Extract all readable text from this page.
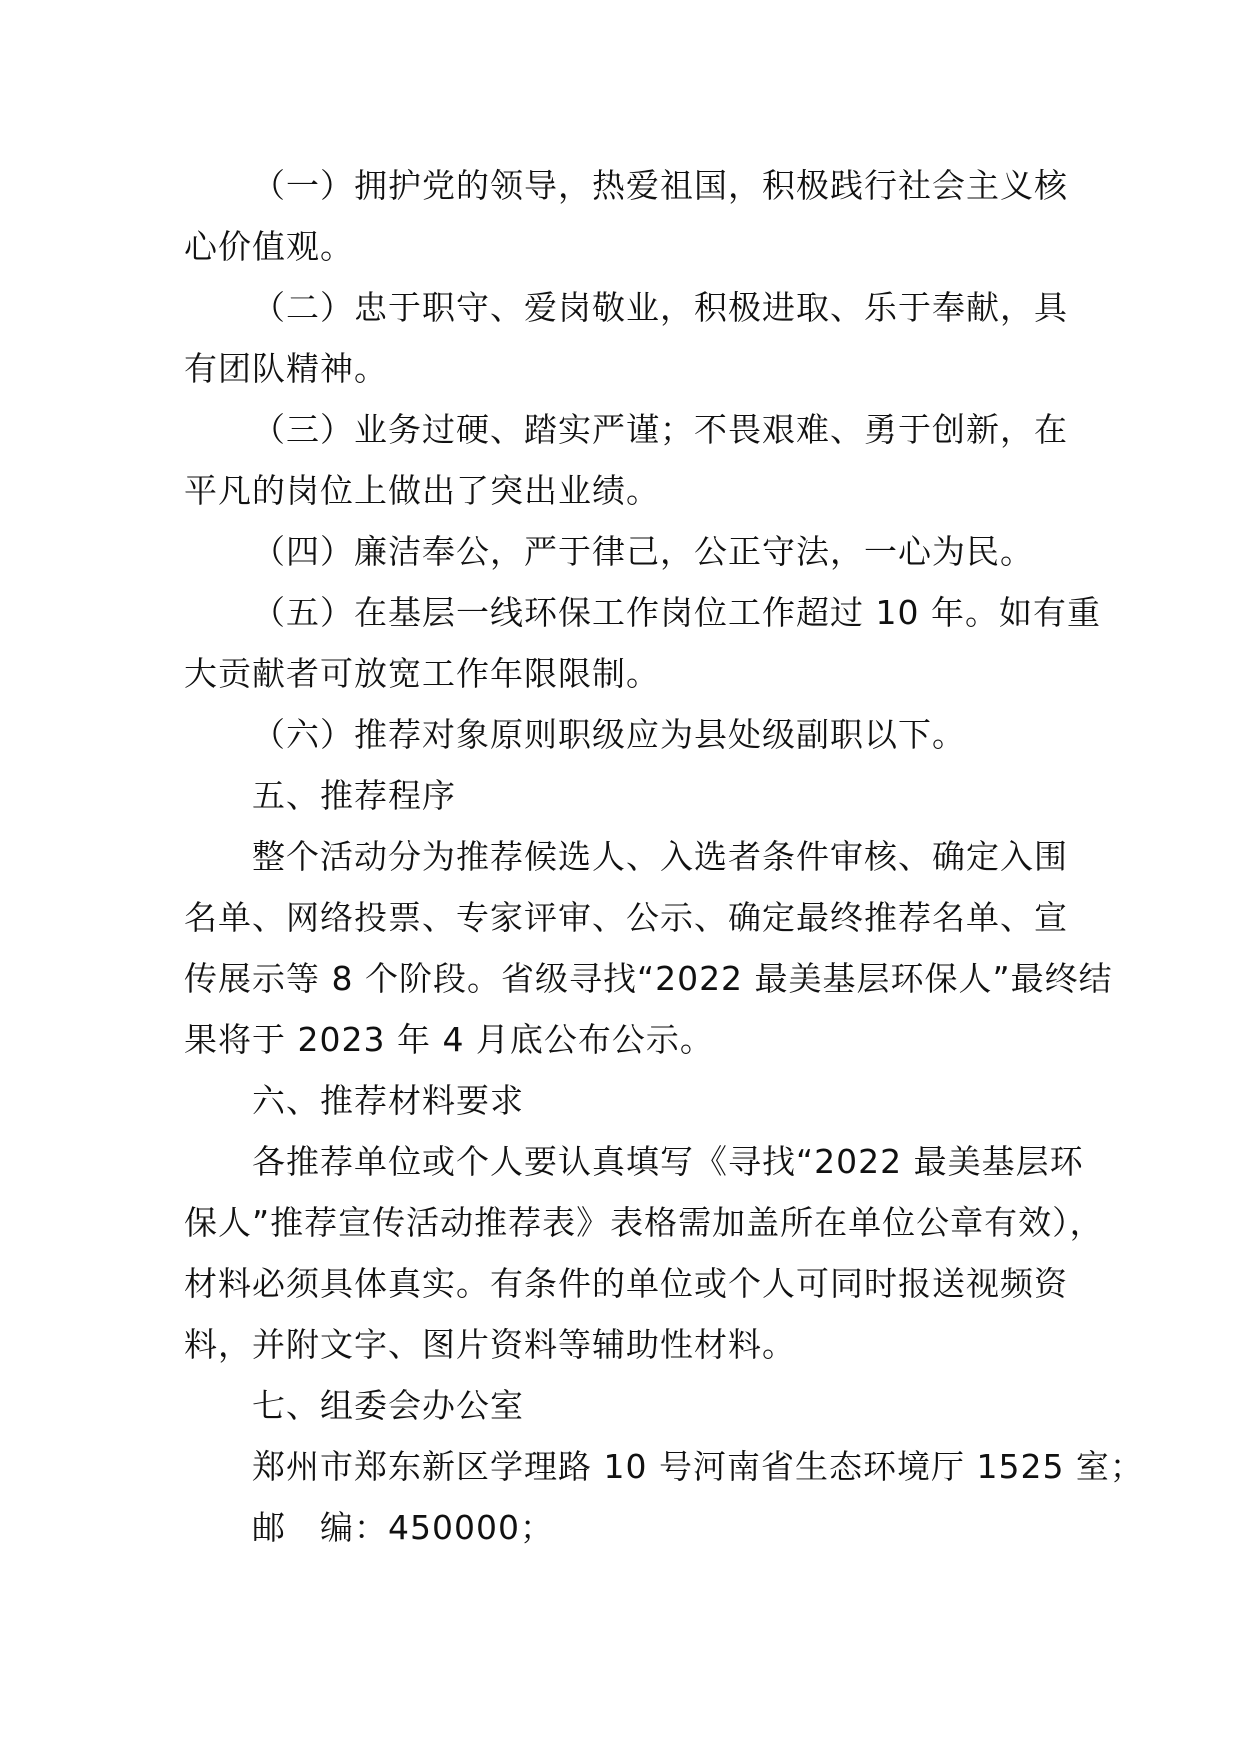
（一）拥护党的领导，热爱祖国，积极践行社会主义核
心价值观。
（二）忠于职守、爱岗敬业，积极进取、乐于奉献，具
有团队精神。
（三）业务过硬、踏实严谨；不畏艰难、勇于创新，在
平凡的岗位上做出了突出业绩。
（四）廉洁奉公，严于律己，公正守法，一心为民。
（五）在基层一线环保工作岗位工作超过 10 年。如有重
大贡献者可放宽工作年限限制。
（六）推荐对象原则职级应为县处级副职以下。
五、推荐程序
整个活动分为推荐候选人、入选者条件审核、确定入围
名单、网络投票、专家评审、公示、确定最终推荐名单、宣
传展示等 8 个阶段。省级寻找“2022 最美基层环保人”最终结
果将于 2023 年 4 月底公布公示。
六、推荐材料要求
各推荐单位或个人要认真填写《寻找“2022 最美基层环
保人”推荐宣传活动推荐表》表格需加盖所在单位公章有效），
材料必须具体真实。有条件的单位或个人可同时报送视频资
料，并附文字、图片资料等辅助性材料。
七、组委会办公室
郑州市郑东新区学理路 10 号河南省生态环境厅 1525 室；
邮　编：450000；
